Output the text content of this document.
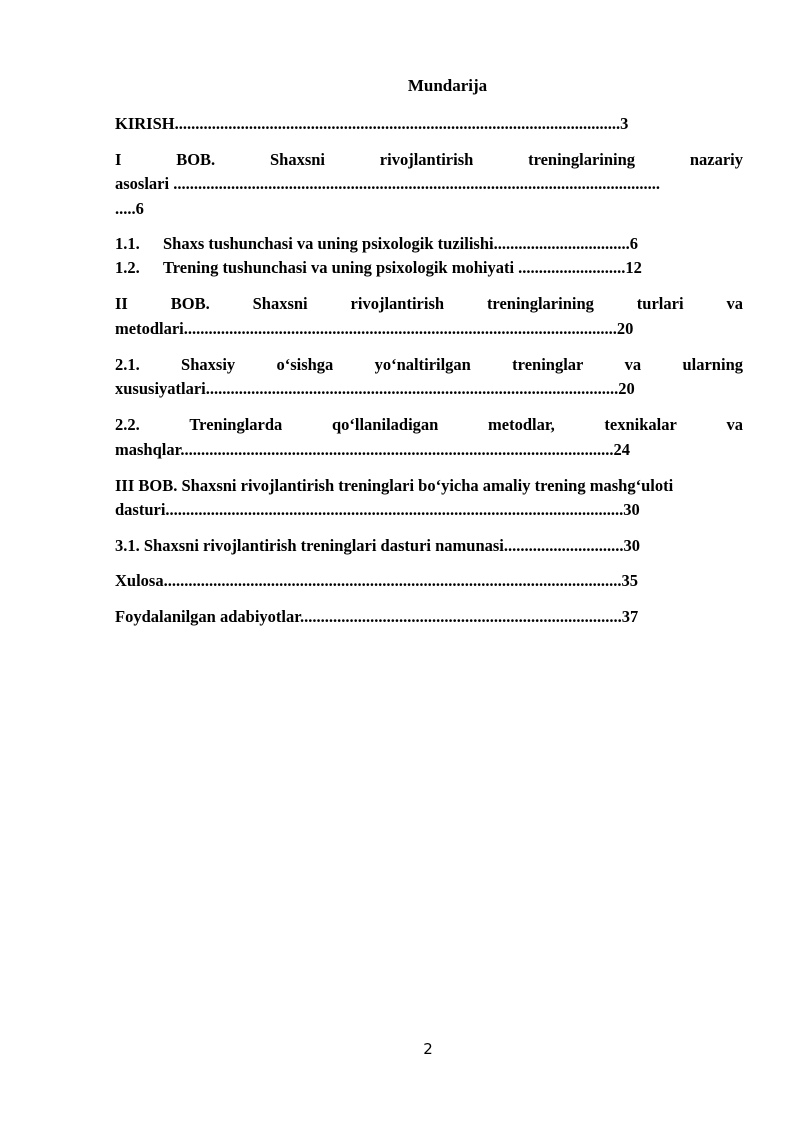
Mundarija
KIRISH............................................................................................................3
I	BOB.	Shaxsni	rivojlantirish	treninglarining	nazariy
asoslari ......................................................................................................................
.....6
1.1. Shaxs tushunchasi va uning psixologik tuzilishi.................................6
1.2. Trening tushunchasi va uning psixologik mohiyati ..........................12
II	BOB.	Shaxsni	rivojlantirish	treninglarining	turlari	va
metodlari.........................................................................................................20
2.1.	Shaxsiy	o‘sishga	yo‘naltirilgan	treninglar	va	ularning
xususiyatlari....................................................................................................20
2.2.	Treninglarda	qo‘llaniladigan	metodlar,	texnikalar	va
mashqlar.........................................................................................................24
III BOB. Shaxsni rivojlantirish treninglari bo‘yicha amaliy trening mashg‘uloti
dasturi...............................................................................................................30
3.1. Shaxsni rivojlantirish treninglari dasturi namunasi.............................30
Xulosa...............................................................................................................35
Foydalanilgan adabiyotlar..............................................................................37
2
